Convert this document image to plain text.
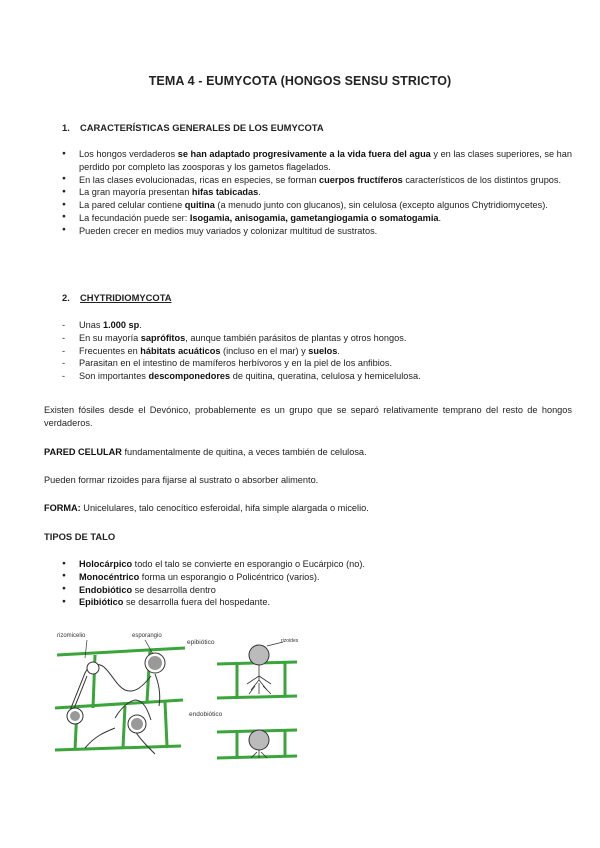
TEMA 4 - EUMYCOTA (HONGOS SENSU STRICTO)
1. CARACTERÍSTICAS GENERALES DE LOS EUMYCOTA
● Los hongos verdaderos se han adaptado progresivamente a la vida fuera del agua y en las clases superiores, se han perdido por completo las zoosporas y los gametos flagelados.
● En las clases evolucionadas, ricas en especies, se forman cuerpos fructíferos característicos de los distintos grupos.
● La gran mayoría presentan hifas tabicadas.
● La pared celular contiene quitina (a menudo junto con glucanos), sin celulosa (excepto algunos Chytridiomycetes).
● La fecundación puede ser: Isogamia, anisogamia, gametangiogamia o somatogamia.
● Pueden crecer en medios muy variados y colonizar multitud de sustratos.
2. CHYTRIDIOMYCOTA
- Unas 1.000 sp.
- En su mayoría saprófitos, aunque también parásitos de plantas y otros hongos.
- Frecuentes en hábitats acuáticos (incluso en el mar) y suelos.
- Parasitan en el intestino de mamíferos herbívoros y en la piel de los anfibios.
- Son importantes descomponedores de quitina, queratina, celulosa y hemicelulosa.

Existen fósiles desde el Devónico, probablemente es un grupo que se separó relativamente temprano del resto de hongos verdaderos.

PARED CELULAR fundamentalmente de quitina, a veces también de celulosa.

Pueden formar rizoides para fijarse al sustrato o absorber alimento.

FORMA: Unicelulares, talo cenocítico esferoidal, hifa simple alargada o micelio.

TIPOS DE TALO
● Holocárpico todo el talo se convierte en esporangio o Eucárpico (no).
● Monocéntrico forma un esporangio o Policéntrico (varios).
● Endobiótico se desarrolla dentro
● Epibiótico se desarrolla fuera del hospedante.
rizomicelio	esporangio
epibiótico	rizoides
endobiótico
